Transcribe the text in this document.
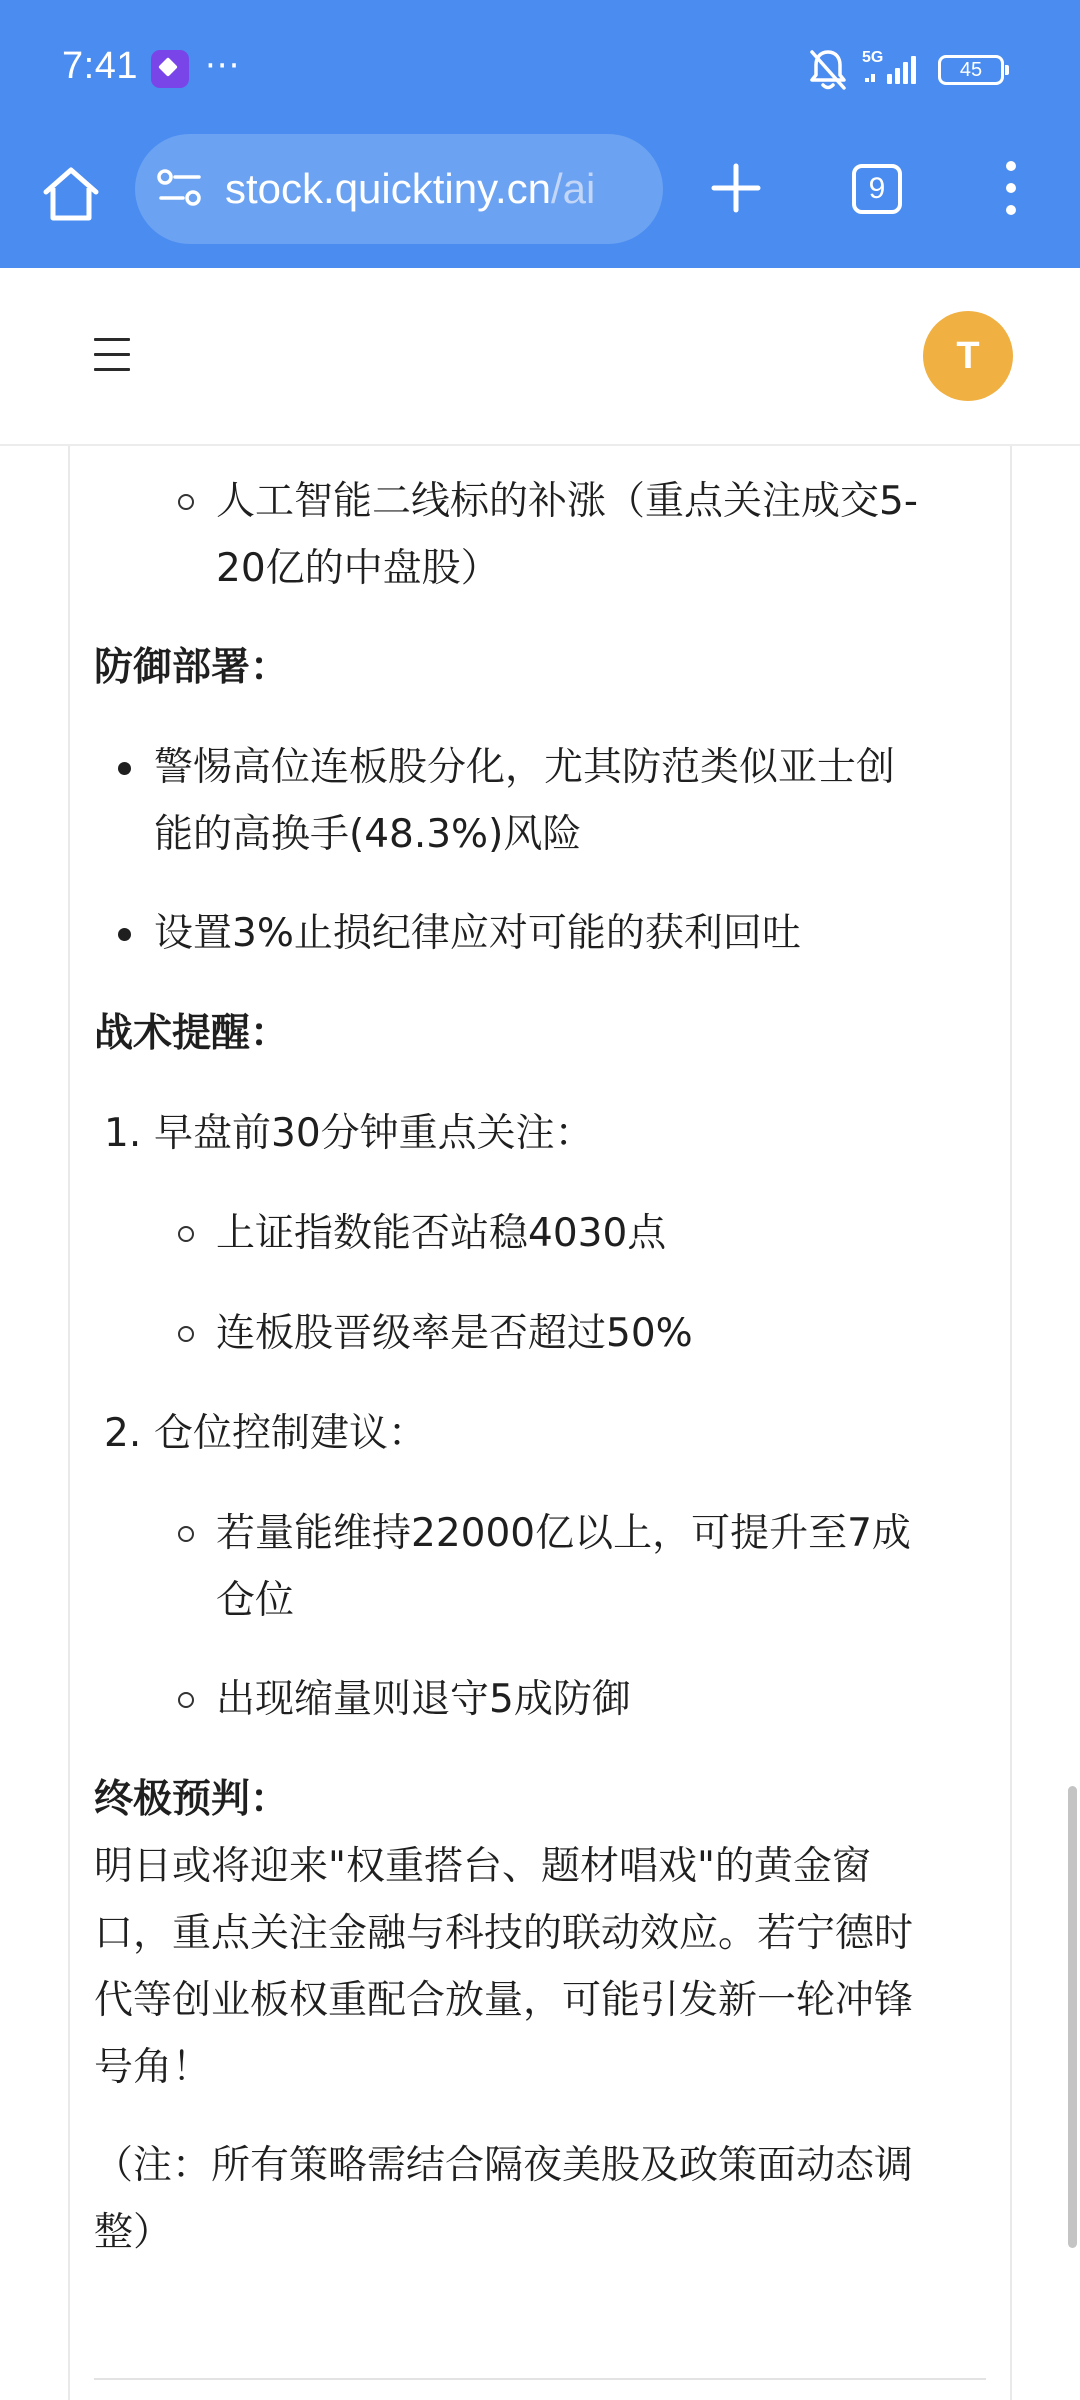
7:41 ···	5G
45
stock.quicktiny.cn/ai	9
T

人工智能二线标的补涨（重点关注成交5-

20亿的中盘股）

防御部署：

警惕高位连板股分化，尤其防范类似亚士创

能的高换手(48.3%)风险

设置3%止损纪律应对可能的获利回吐

战术提醒：

1. 早盘前30分钟重点关注：

上证指数能否站稳4030点

连板股晋级率是否超过50%

2. 仓位控制建议：

若量能维持22000亿以上，可提升至7成

仓位

出现缩量则退守5成防御

终极预判：

明日或将迎来"权重搭台、题材唱戏"的黄金窗

口，重点关注金融与科技的联动效应。若宁德时

代等创业板权重配合放量，可能引发新一轮冲锋

号角！

（注：所有策略需结合隔夜美股及政策面动态调

整）
